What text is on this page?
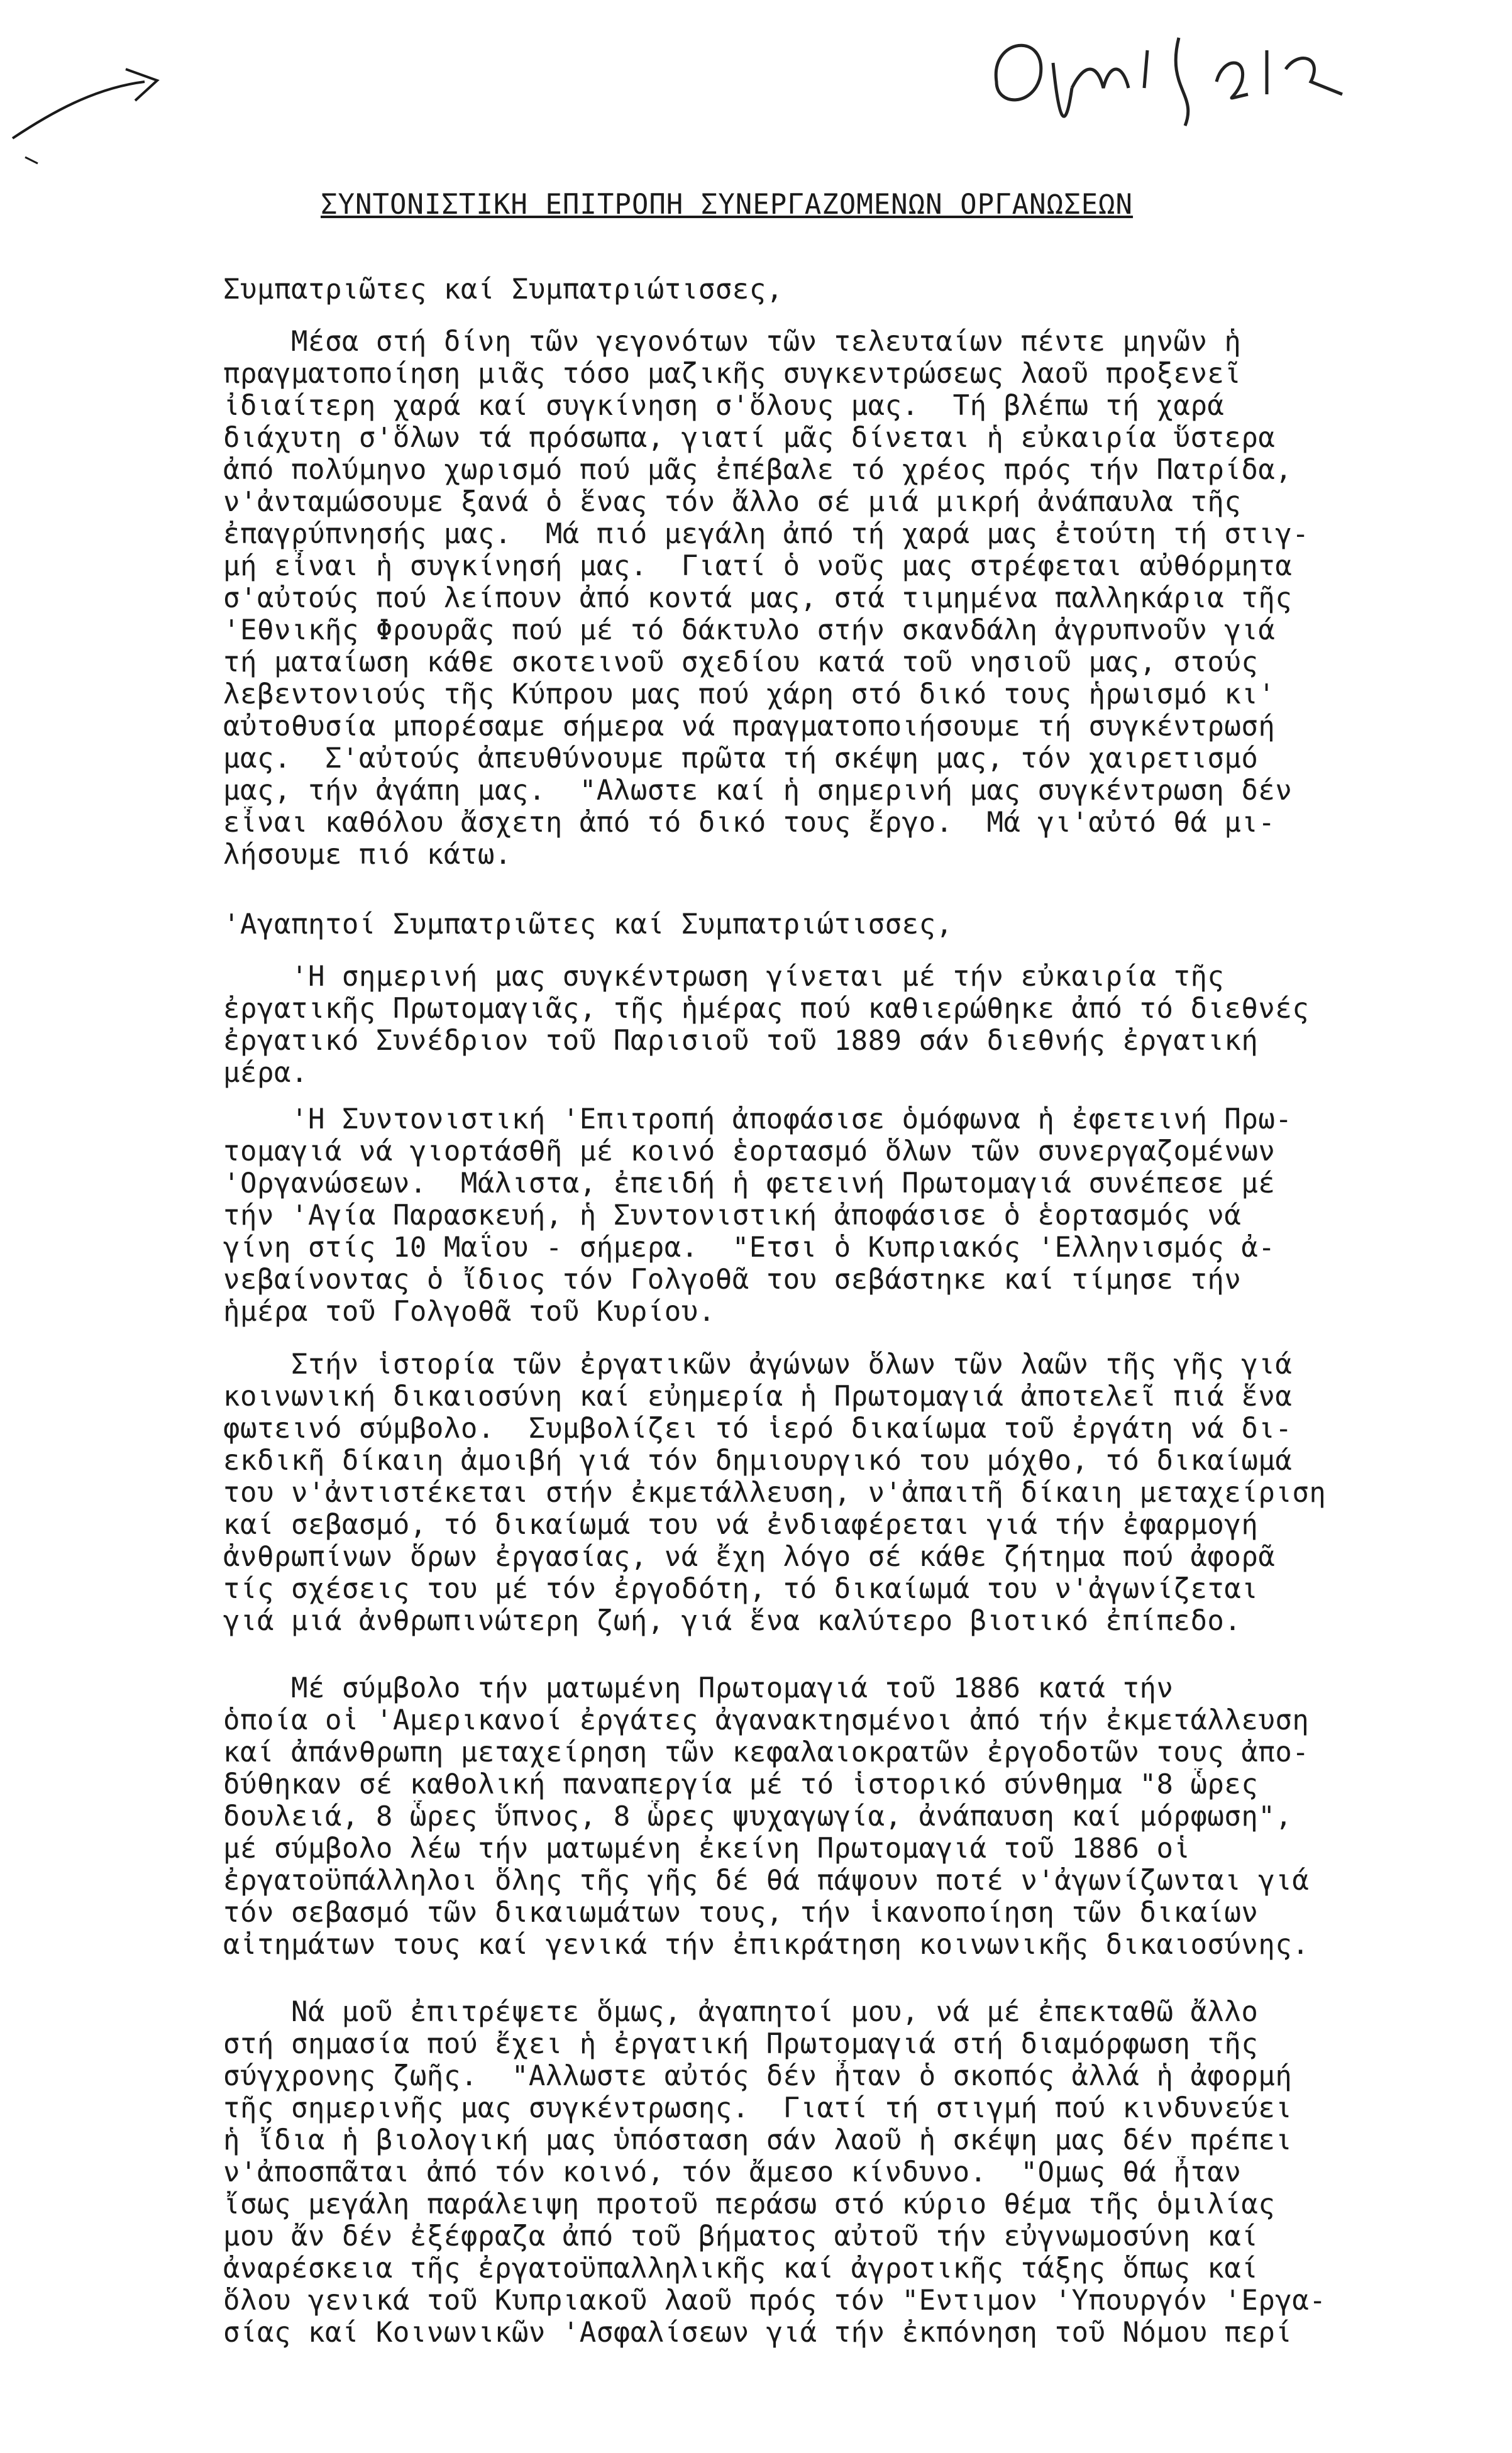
ΣΥΝΤΟΝΙΣΤΙΚΗ ΕΠΙΤΡΟΠΗ ΣΥΝΕΡΓΑΖΟΜΕΝΩΝ ΟΡΓΑΝΩΣΕΩΝ
Συμπατριῶτες καί Συμπατριώτισσες,
Μέσα στή δίνη τῶν γεγονότων τῶν τελευταίων πέντε μηνῶν ἡ
πραγματοποίηση μιᾶς τόσο μαζικῆς συγκεντρώσεως λαοῦ προξενεῖ
ἰδιαίτερη χαρά καί συγκίνηση σ'ὅλους μας.  Τή βλέπω τή χαρά
διάχυτη σ'ὅλων τά πρόσωπα, γιατί μᾶς δίνεται ἡ εὐκαιρία ὕστερα
ἀπό πολύμηνο χωρισμό πού μᾶς ἐπέβαλε τό χρέος πρός τήν Πατρίδα,
ν'ἀνταμώσουμε ξανά ὁ ἕνας τόν ἄλλο σέ μιά μικρή ἀνάπαυλα τῆς
ἐπαγρύπνησής μας.  Μά πιό μεγάλη ἀπό τή χαρά μας ἐτούτη τή στιγ-
μή εἶναι ἡ συγκίνησή μας.  Γιατί ὁ νοῦς μας στρέφεται αὐθόρμητα
σ'αὐτούς πού λείπουν ἀπό κοντά μας, στά τιμημένα παλληκάρια τῆς
'Εθνικῆς Φρουρᾶς πού μέ τό δάκτυλο στήν σκανδάλη ἀγρυπνοῦν γιά
τή ματαίωση κάθε σκοτεινοῦ σχεδίου κατά τοῦ νησιοῦ μας, στούς
λεβεντονιούς τῆς Κύπρου μας πού χάρη στό δικό τους ἡρωισμό κι'
αὐτοθυσία μπορέσαμε σήμερα νά πραγματοποιήσουμε τή συγκέντρωσή
μας.  Σ'αὐτούς ἀπευθύνουμε πρῶτα τή σκέψη μας, τόν χαιρετισμό
μας, τήν ἀγάπη μας.  "Αλωστε καί ἡ σημερινή μας συγκέντρωση δέν
εἶναι καθόλου ἄσχετη ἀπό τό δικό τους ἔργο.  Μά γι'αὐτό θά μι-
λήσουμε πιό κάτω.
'Αγαπητοί Συμπατριῶτες καί Συμπατριώτισσες,
'Η σημερινή μας συγκέντρωση γίνεται μέ τήν εὐκαιρία τῆς
ἐργατικῆς Πρωτομαγιᾶς, τῆς ἡμέρας πού καθιερώθηκε ἀπό τό διεθνές
ἐργατικό Συνέδριον τοῦ Παρισιοῦ τοῦ 1889 σάν διεθνής ἐργατική
μέρα.
'Η Συντονιστική 'Επιτροπή ἀποφάσισε ὁμόφωνα ἡ ἐφετεινή Πρω-
τομαγιά νά γιορτάσθῆ μέ κοινό ἑορτασμό ὅλων τῶν συνεργαζομένων
'Οργανώσεων.  Μάλιστα, ἐπειδή ἡ φετεινή Πρωτομαγιά συνέπεσε μέ
τήν 'Αγία Παρασκευή, ἡ Συντονιστική ἀποφάσισε ὁ ἑορτασμός νά
γίνη στίς 10 Μαΐου - σήμερα.  "Ετσι ὁ Κυπριακός 'Ελληνισμός ἀ-
νεβαίνοντας ὁ ἴδιος τόν Γολγοθᾶ του σεβάστηκε καί τίμησε τήν
ἡμέρα τοῦ Γολγοθᾶ τοῦ Κυρίου.
Στήν ἱστορία τῶν ἐργατικῶν ἀγώνων ὅλων τῶν λαῶν τῆς γῆς γιά
κοινωνική δικαιοσύνη καί εὐημερία ἡ Πρωτομαγιά ἀποτελεῖ πιά ἕνα
φωτεινό σύμβολο.  Συμβολίζει τό ἱερό δικαίωμα τοῦ ἐργάτη νά δι-
εκδικῆ δίκαιη ἀμοιβή γιά τόν δημιουργικό του μόχθο, τό δικαίωμά
του ν'ἀντιστέκεται στήν ἐκμετάλλευση, ν'ἀπαιτῆ δίκαιη μεταχείριση
καί σεβασμό, τό δικαίωμά του νά ἐνδιαφέρεται γιά τήν ἐφαρμογή
ἀνθρωπίνων ὅρων ἐργασίας, νά ἔχη λόγο σέ κάθε ζήτημα πού ἀφορᾶ
τίς σχέσεις του μέ τόν ἐργοδότη, τό δικαίωμά του ν'ἀγωνίζεται
γιά μιά ἀνθρωπινώτερη ζωή, γιά ἕνα καλύτερο βιοτικό ἐπίπεδο.
Μέ σύμβολο τήν ματωμένη Πρωτομαγιά τοῦ 1886 κατά τήν
ὁποία οἱ 'Αμερικανοί ἐργάτες ἀγανακτησμένοι ἀπό τήν ἐκμετάλλευση
καί ἀπάνθρωπη μεταχείρηση τῶν κεφαλαιοκρατῶν ἐργοδοτῶν τους ἀπο-
δύθηκαν σέ καθολική παναπεργία μέ τό ἱστορικό σύνθημα "8 ὧρες
δουλειά, 8 ὧρες ὕπνος, 8 ὧρες ψυχαγωγία, ἀνάπαυση καί μόρφωση",
μέ σύμβολο λέω τήν ματωμένη ἐκείνη Πρωτομαγιά τοῦ 1886 οἱ
ἐργατοϋπάλληλοι ὅλης τῆς γῆς δέ θά πάψουν ποτέ ν'ἀγωνίζωνται γιά
τόν σεβασμό τῶν δικαιωμάτων τους, τήν ἱκανοποίηση τῶν δικαίων
αἰτημάτων τους καί γενικά τήν ἐπικράτηση κοινωνικῆς δικαιοσύνης.
Νά μοῦ ἐπιτρέψετε ὅμως, ἀγαπητοί μου, νά μέ ἐπεκταθῶ ἄλλο
στή σημασία πού ἔχει ἡ ἐργατική Πρωτομαγιά στή διαμόρφωση τῆς
σύγχρονης ζωῆς.  "Αλλωστε αὐτός δέν ἦταν ὁ σκοπός ἀλλά ἡ ἀφορμή
τῆς σημερινῆς μας συγκέντρωσης.  Γιατί τή στιγμή πού κινδυνεύει
ἡ ἴδια ἡ βιολογική μας ὑπόσταση σάν λαοῦ ἡ σκέψη μας δέν πρέπει
ν'ἀποσπᾶται ἀπό τόν κοινό, τόν ἄμεσο κίνδυνο.  "Ομως θά ἦταν
ἴσως μεγάλη παράλειψη προτοῦ περάσω στό κύριο θέμα τῆς ὁμιλίας
μου ἄν δέν ἐξέφραζα ἀπό τοῦ βήματος αὐτοῦ τήν εὐγνωμοσύνη καί
ἀναρέσκεια τῆς ἐργατοϋπαλληλικῆς καί ἀγροτικῆς τάξης ὅπως καί
ὅλου γενικά τοῦ Κυπριακοῦ λαοῦ πρός τόν "Εντιμον 'Υπουργόν 'Εργα-
σίας καί Κοινωνικῶν 'Ασφαλίσεων γιά τήν ἐκπόνηση τοῦ Νόμου περί
